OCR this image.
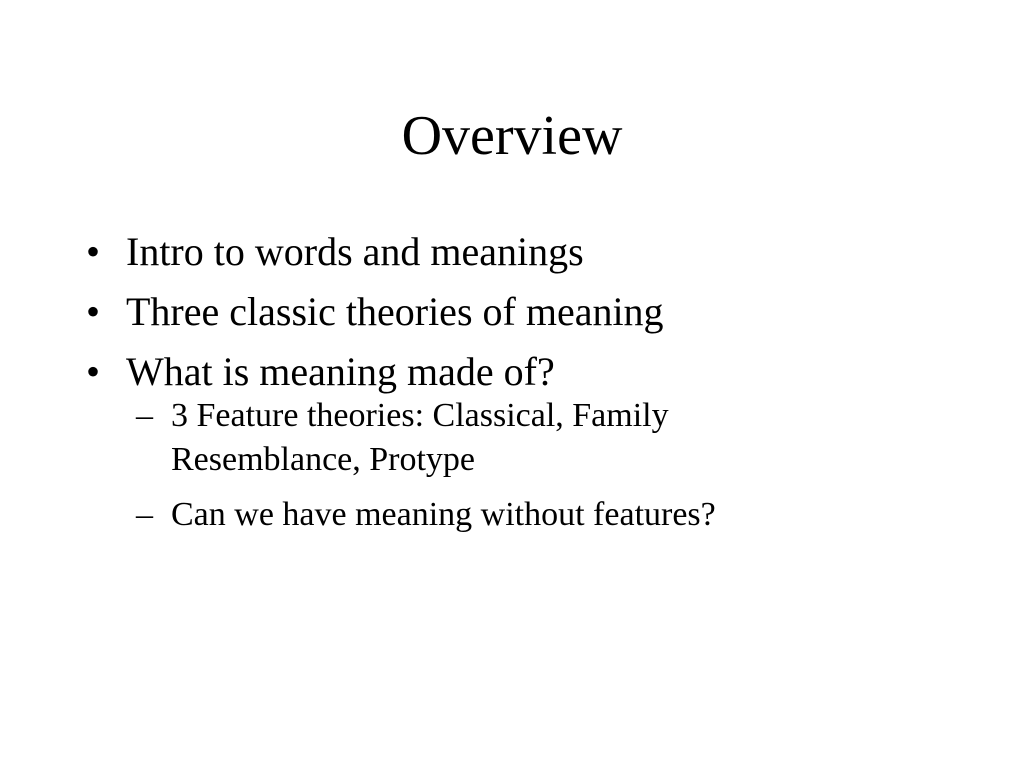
Overview
• Intro to words and meanings
• Three classic theories of meaning
• What is meaning made of?
– 3 Feature theories: Classical, Family Resemblance, Protype
– Can we have meaning without features?
